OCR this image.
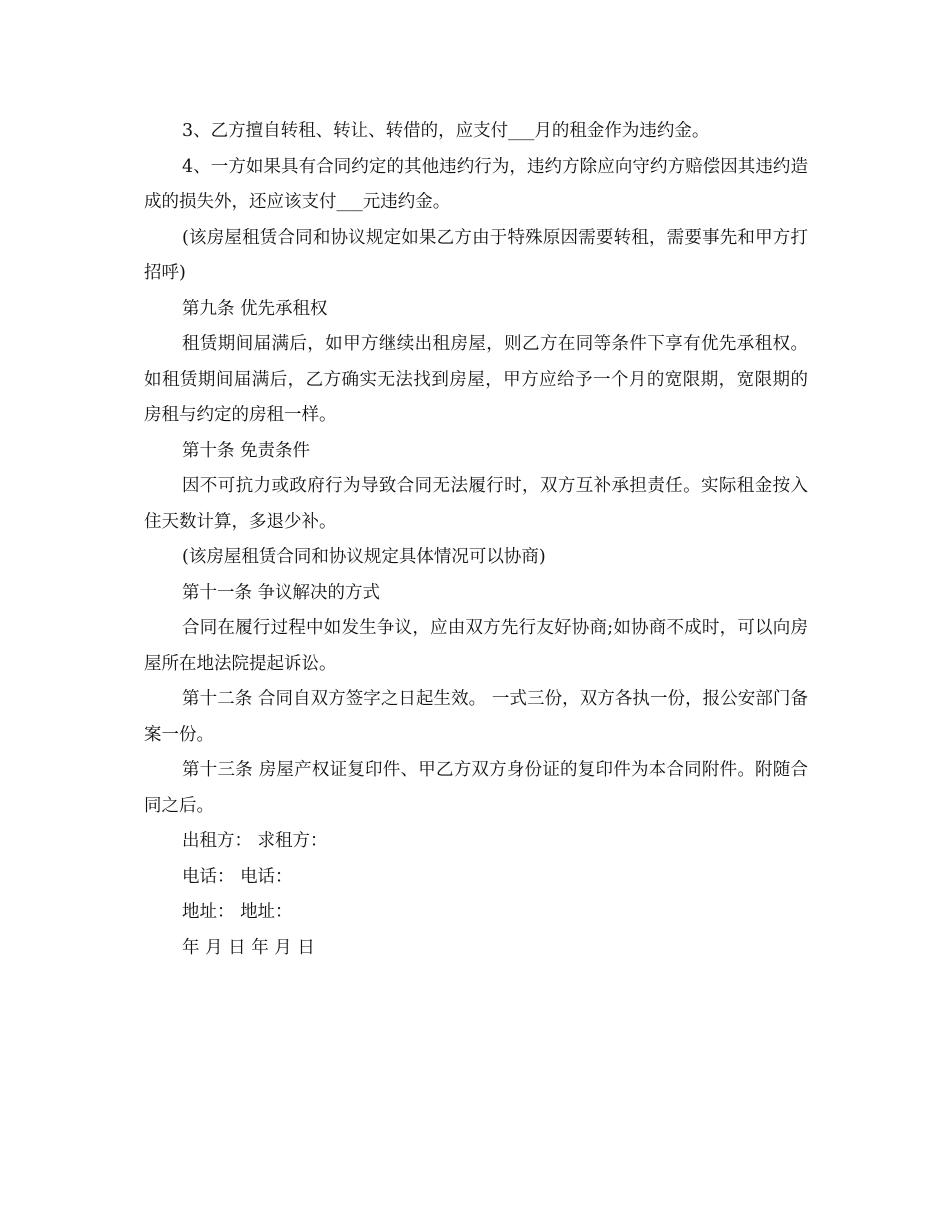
3、乙方擅自转租、转让、转借的，应支付___月的租金作为违约金。

4、一方如果具有合同约定的其他违约行为，违约方除应向守约方赔偿因其违约造成的损失外，还应该支付___元违约金。

(该房屋租赁合同和协议规定如果乙方由于特殊原因需要转租，需要事先和甲方打招呼)

第九条 优先承租权

租赁期间届满后，如甲方继续出租房屋，则乙方在同等条件下享有优先承租权。如租赁期间届满后，乙方确实无法找到房屋，甲方应给予一个月的宽限期，宽限期的房租与约定的房租一样。

第十条 免责条件

因不可抗力或政府行为导致合同无法履行时，双方互补承担责任。实际租金按入住天数计算，多退少补。

(该房屋租赁合同和协议规定具体情况可以协商)

第十一条 争议解决的方式

合同在履行过程中如发生争议，应由双方先行友好协商;如协商不成时，可以向房屋所在地法院提起诉讼。

第十二条 合同自双方签字之日起生效。 一式三份，双方各执一份，报公安部门备案一份。

第十三条 房屋产权证复印件、甲乙方双方身份证的复印件为本合同附件。附随合同之后。

出租方： 求租方：

电话： 电话：

地址： 地址：

年 月 日 年 月 日
